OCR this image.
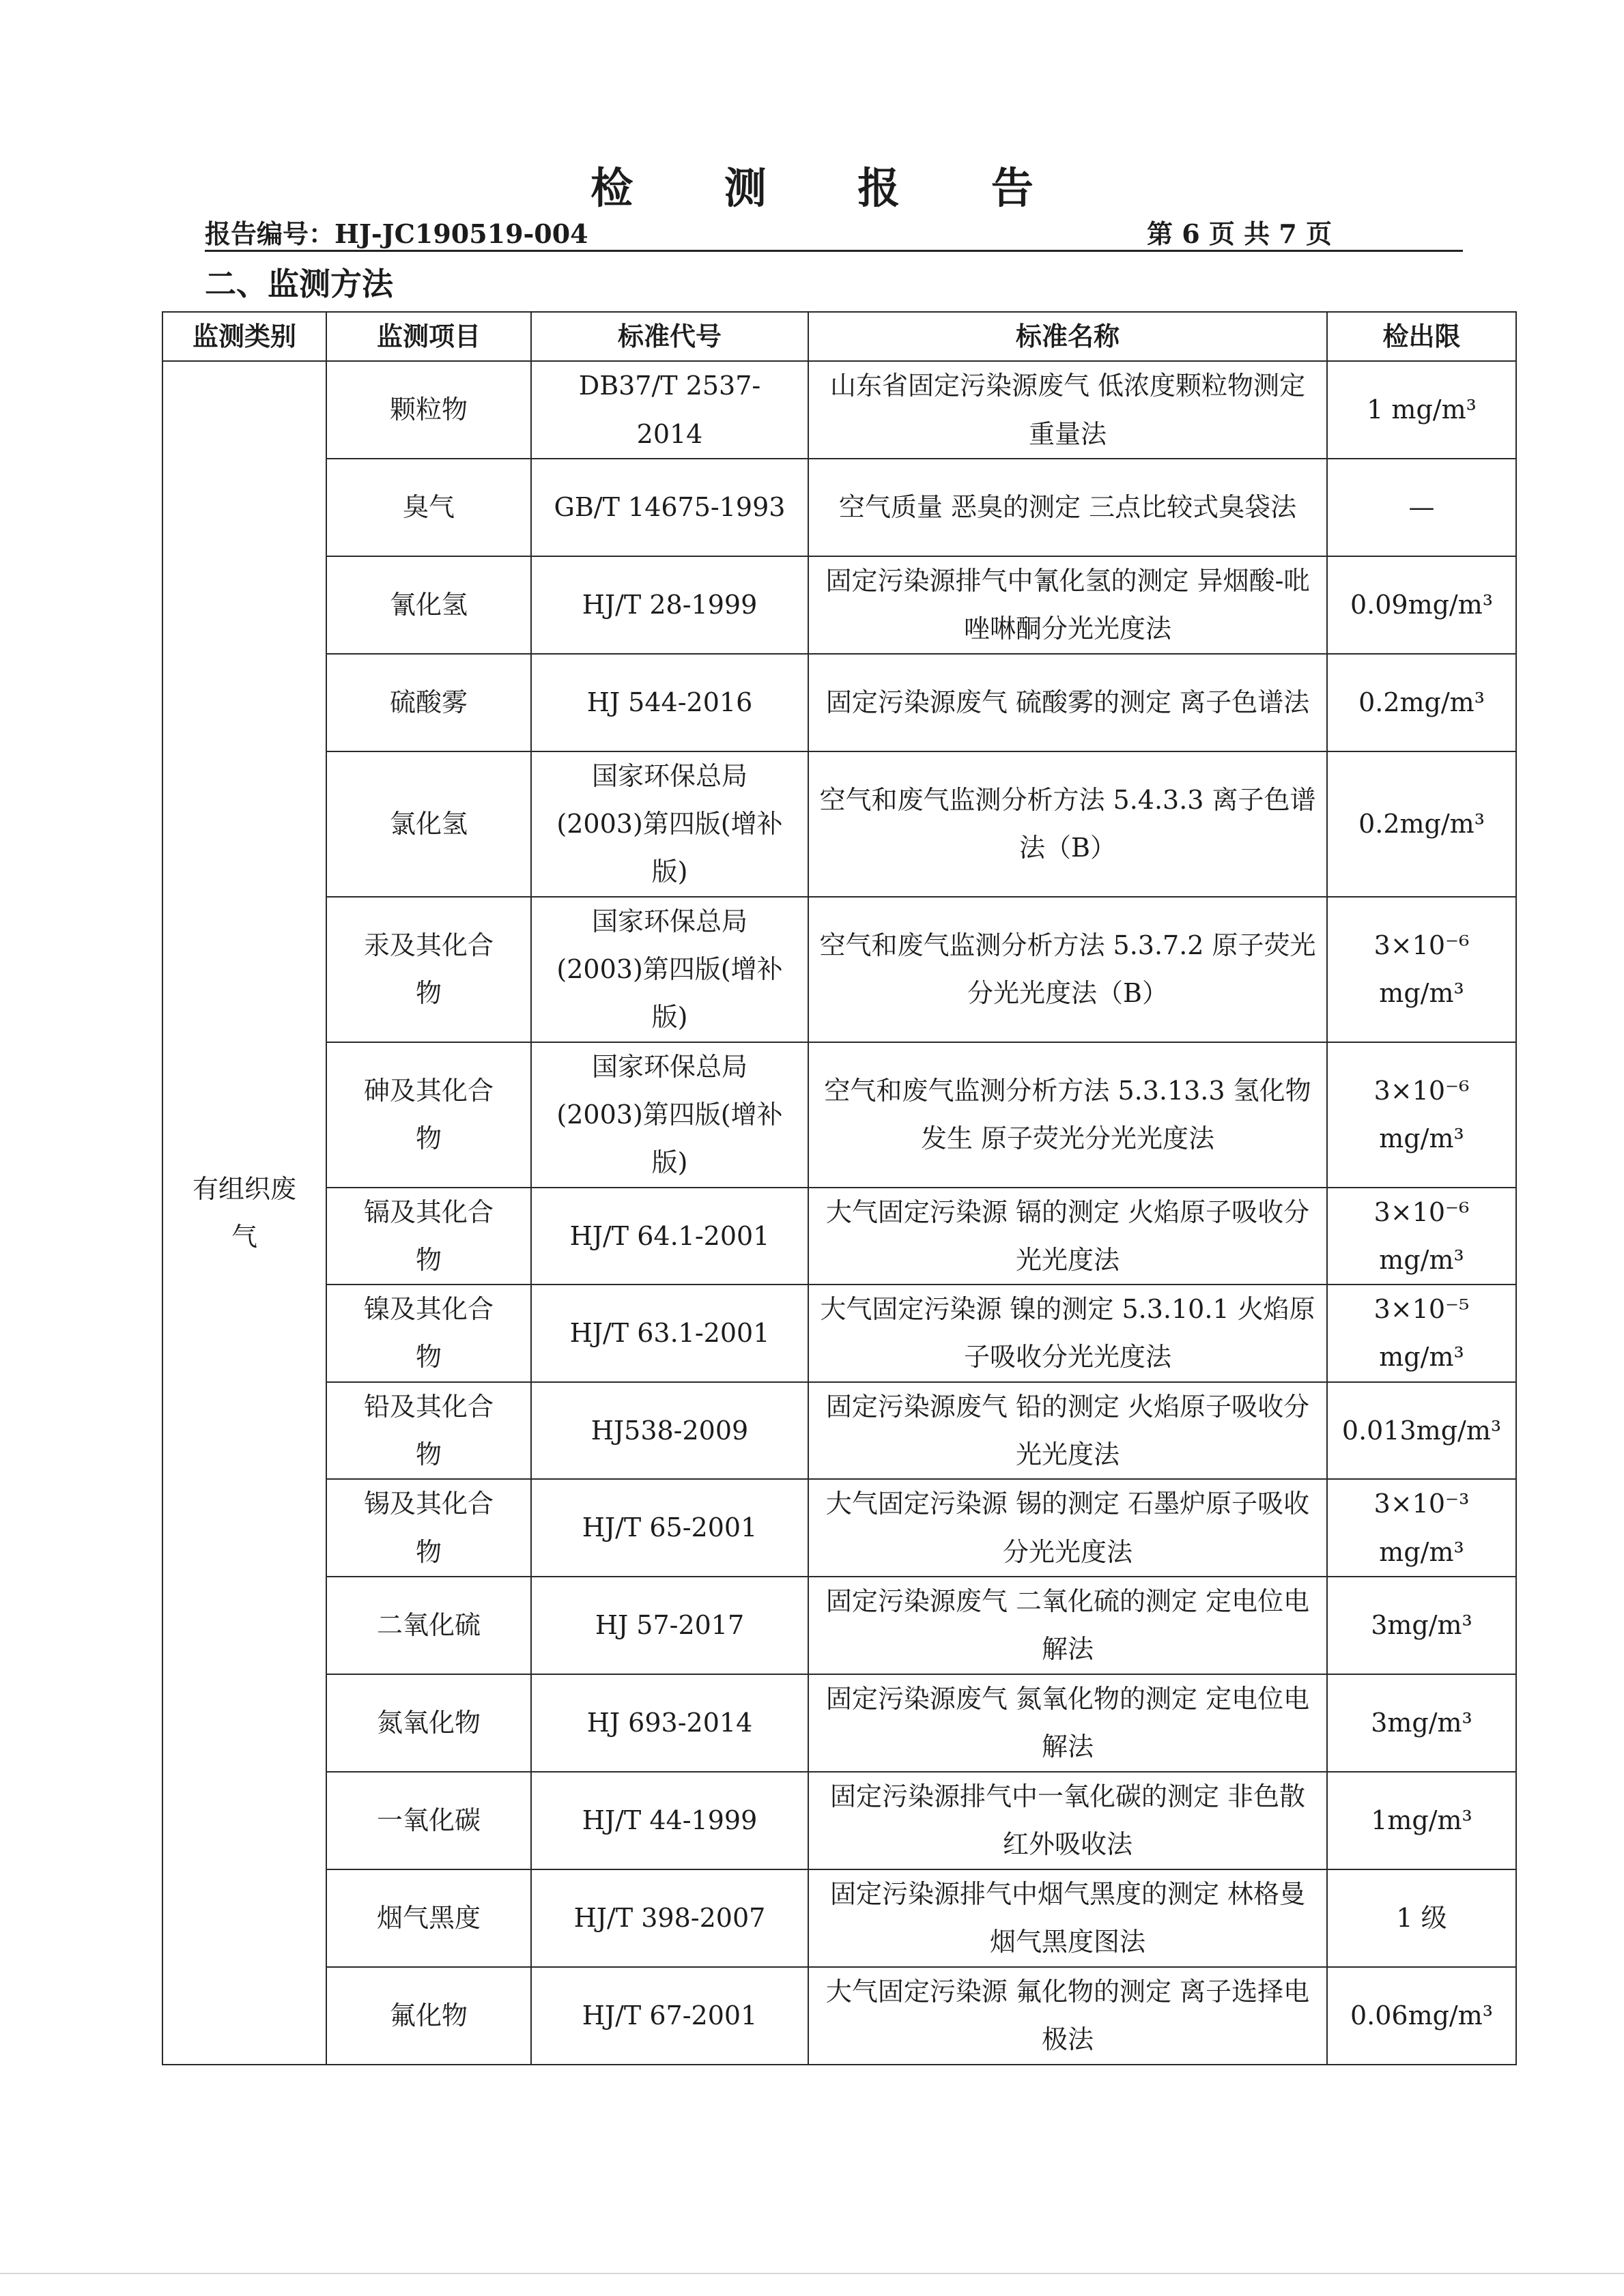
检 测 报 告
报告编号：HJ-JC190519-004	第 6 页 共 7 页
二、监测方法
监测类别	监测项目	标准代号	标准名称	检出限
有组织废气	颗粒物	DB37/T 2537-2014	山东省固定污染源废气 低浓度颗粒物测定 重量法	1 mg/m³
	臭气	GB/T 14675-1993	空气质量 恶臭的测定 三点比较式臭袋法	—
	氰化氢	HJ/T 28-1999	固定污染源排气中氰化氢的测定 异烟酸-吡唑啉酮分光光度法	0.09mg/m³
	硫酸雾	HJ 544-2016	固定污染源废气 硫酸雾的测定 离子色谱法	0.2mg/m³
	氯化氢	国家环保总局(2003)第四版(增补版)	空气和废气监测分析方法 5.4.3.3 离子色谱法（B）	0.2mg/m³
	汞及其化合物	国家环保总局(2003)第四版(增补版)	空气和废气监测分析方法 5.3.7.2 原子荧光分光光度法（B）	3×10⁻⁶ mg/m³
	砷及其化合物	国家环保总局(2003)第四版(增补版)	空气和废气监测分析方法 5.3.13.3 氢化物发生 原子荧光分光光度法	3×10⁻⁶ mg/m³
	镉及其化合物	HJ/T 64.1-2001	大气固定污染源 镉的测定 火焰原子吸收分光光度法	3×10⁻⁶ mg/m³
	镍及其化合物	HJ/T 63.1-2001	大气固定污染源 镍的测定 5.3.10.1 火焰原子吸收分光光度法	3×10⁻⁵ mg/m³
	铅及其化合物	HJ538-2009	固定污染源废气 铅的测定 火焰原子吸收分光光度法	0.013mg/m³
	锡及其化合物	HJ/T 65-2001	大气固定污染源 锡的测定 石墨炉原子吸收分光光度法	3×10⁻³ mg/m³
	二氧化硫	HJ 57-2017	固定污染源废气 二氧化硫的测定 定电位电解法	3mg/m³
	氮氧化物	HJ 693-2014	固定污染源废气 氮氧化物的测定 定电位电解法	3mg/m³
	一氧化碳	HJ/T 44-1999	固定污染源排气中一氧化碳的测定 非色散红外吸收法	1mg/m³
	烟气黑度	HJ/T 398-2007	固定污染源排气中烟气黑度的测定 林格曼烟气黑度图法	1 级
	氟化物	HJ/T 67-2001	大气固定污染源 氟化物的测定 离子选择电极法	0.06mg/m³
